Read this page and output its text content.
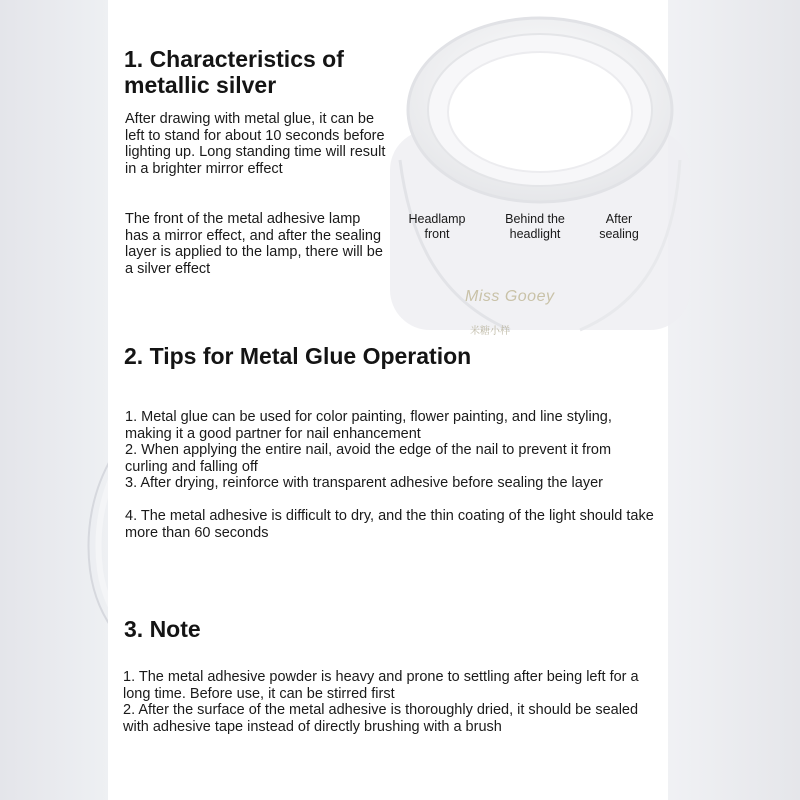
Miss Gooey
米糖小样
1. Characteristics of metallic silver

After drawing with metal glue, it can be left to stand for about 10 seconds before lighting up. Long standing time will result in a brighter mirror effect

The front of the metal adhesive lamp has a mirror effect, and after the sealing layer is applied to the lamp, there will be a silver effect

Headlamp front

Behind the headlight

After sealing

2. Tips for Metal Glue Operation

1. Metal glue can be used for color painting, flower painting, and line styling, making it a good partner for nail enhancement

2. When applying the entire nail, avoid the edge of the nail to prevent it from curling and falling off

3. After drying, reinforce with transparent adhesive before sealing the layer

4. The metal adhesive is difficult to dry, and the thin coating of the light should take more than 60 seconds

3. Note

1. The metal adhesive powder is heavy and prone to settling after being left for a long time. Before use, it can be stirred first

2. After the surface of the metal adhesive is thoroughly dried, it should be sealed with adhesive tape instead of directly brushing with a brush
